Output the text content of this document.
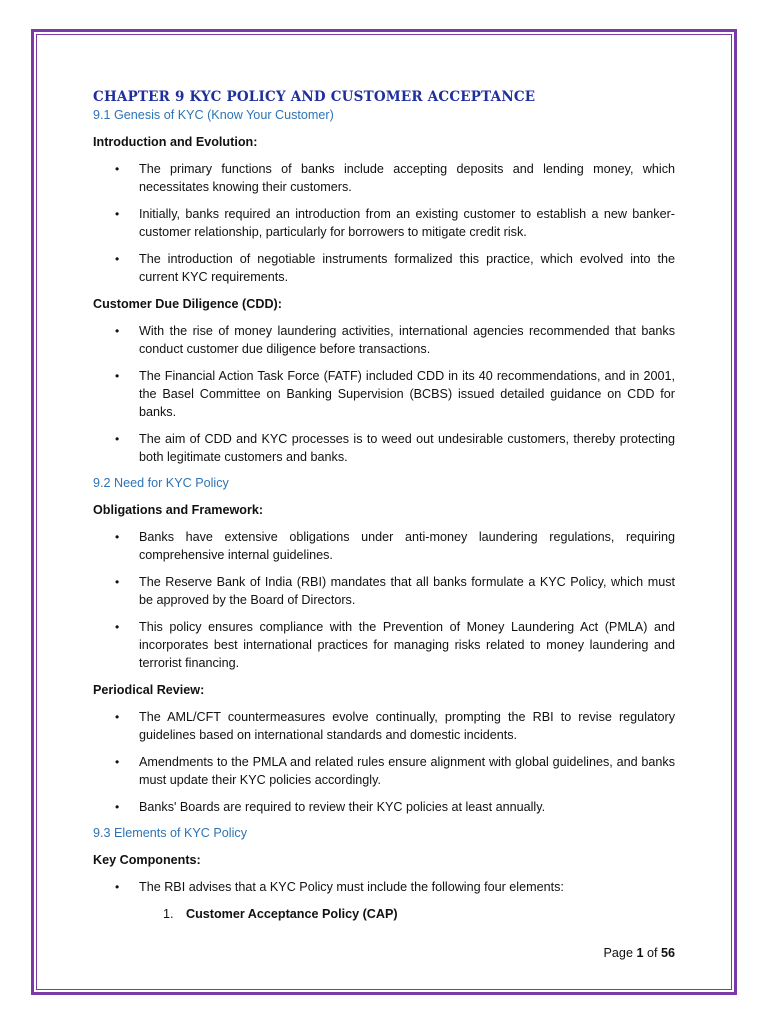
CHAPTER 9 KYC POLICY AND CUSTOMER ACCEPTANCE

9.1 Genesis of KYC (Know Your Customer)

Introduction and Evolution:

• The primary functions of banks include accepting deposits and lending money, which necessitates knowing their customers.
• Initially, banks required an introduction from an existing customer to establish a new banker-customer relationship, particularly for borrowers to mitigate credit risk.
• The introduction of negotiable instruments formalized this practice, which evolved into the current KYC requirements.

Customer Due Diligence (CDD):

• With the rise of money laundering activities, international agencies recommended that banks conduct customer due diligence before transactions.
• The Financial Action Task Force (FATF) included CDD in its 40 recommendations, and in 2001, the Basel Committee on Banking Supervision (BCBS) issued detailed guidance on CDD for banks.
• The aim of CDD and KYC processes is to weed out undesirable customers, thereby protecting both legitimate customers and banks.

9.2 Need for KYC Policy

Obligations and Framework:

• Banks have extensive obligations under anti-money laundering regulations, requiring comprehensive internal guidelines.
• The Reserve Bank of India (RBI) mandates that all banks formulate a KYC Policy, which must be approved by the Board of Directors.
• This policy ensures compliance with the Prevention of Money Laundering Act (PMLA) and incorporates best international practices for managing risks related to money laundering and terrorist financing.

Periodical Review:

• The AML/CFT countermeasures evolve continually, prompting the RBI to revise regulatory guidelines based on international standards and domestic incidents.
• Amendments to the PMLA and related rules ensure alignment with global guidelines, and banks must update their KYC policies accordingly.
• Banks' Boards are required to review their KYC policies at least annually.

9.3 Elements of KYC Policy

Key Components:

• The RBI advises that a KYC Policy must include the following four elements:
1. Customer Acceptance Policy (CAP)
Page 1 of 56
